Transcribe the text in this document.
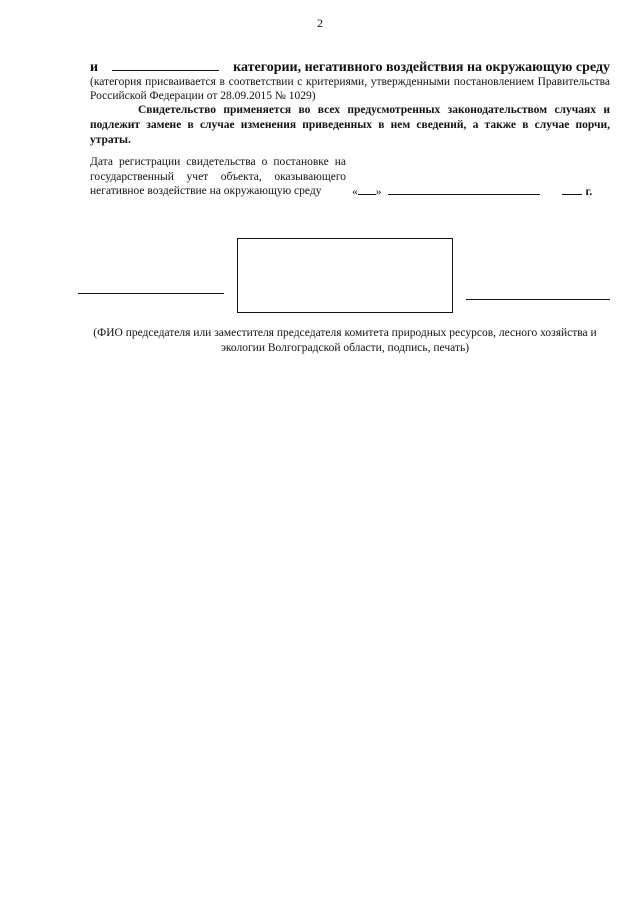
2
и	категории, негативного воздействия на окружающую среду
(категория присваивается в соответствии с критериями, утвержденными постановлением Правительства Российской Федерации от 28.09.2015 № 1029)
Свидетельство применяется во всех предусмотренных законодательством случаях и подлежит замене в случае изменения приведенных в нем сведений, а также в случае порчи, утраты.
Дата регистрации свидетельства о постановке на государственный учет объекта, оказывающего негативное воздействие на окружающую среду	« »	г.
(ФИО председателя или заместителя председателя комитета природных ресурсов, лесного хозяйства и экологии Волгоградской области, подпись, печать)
